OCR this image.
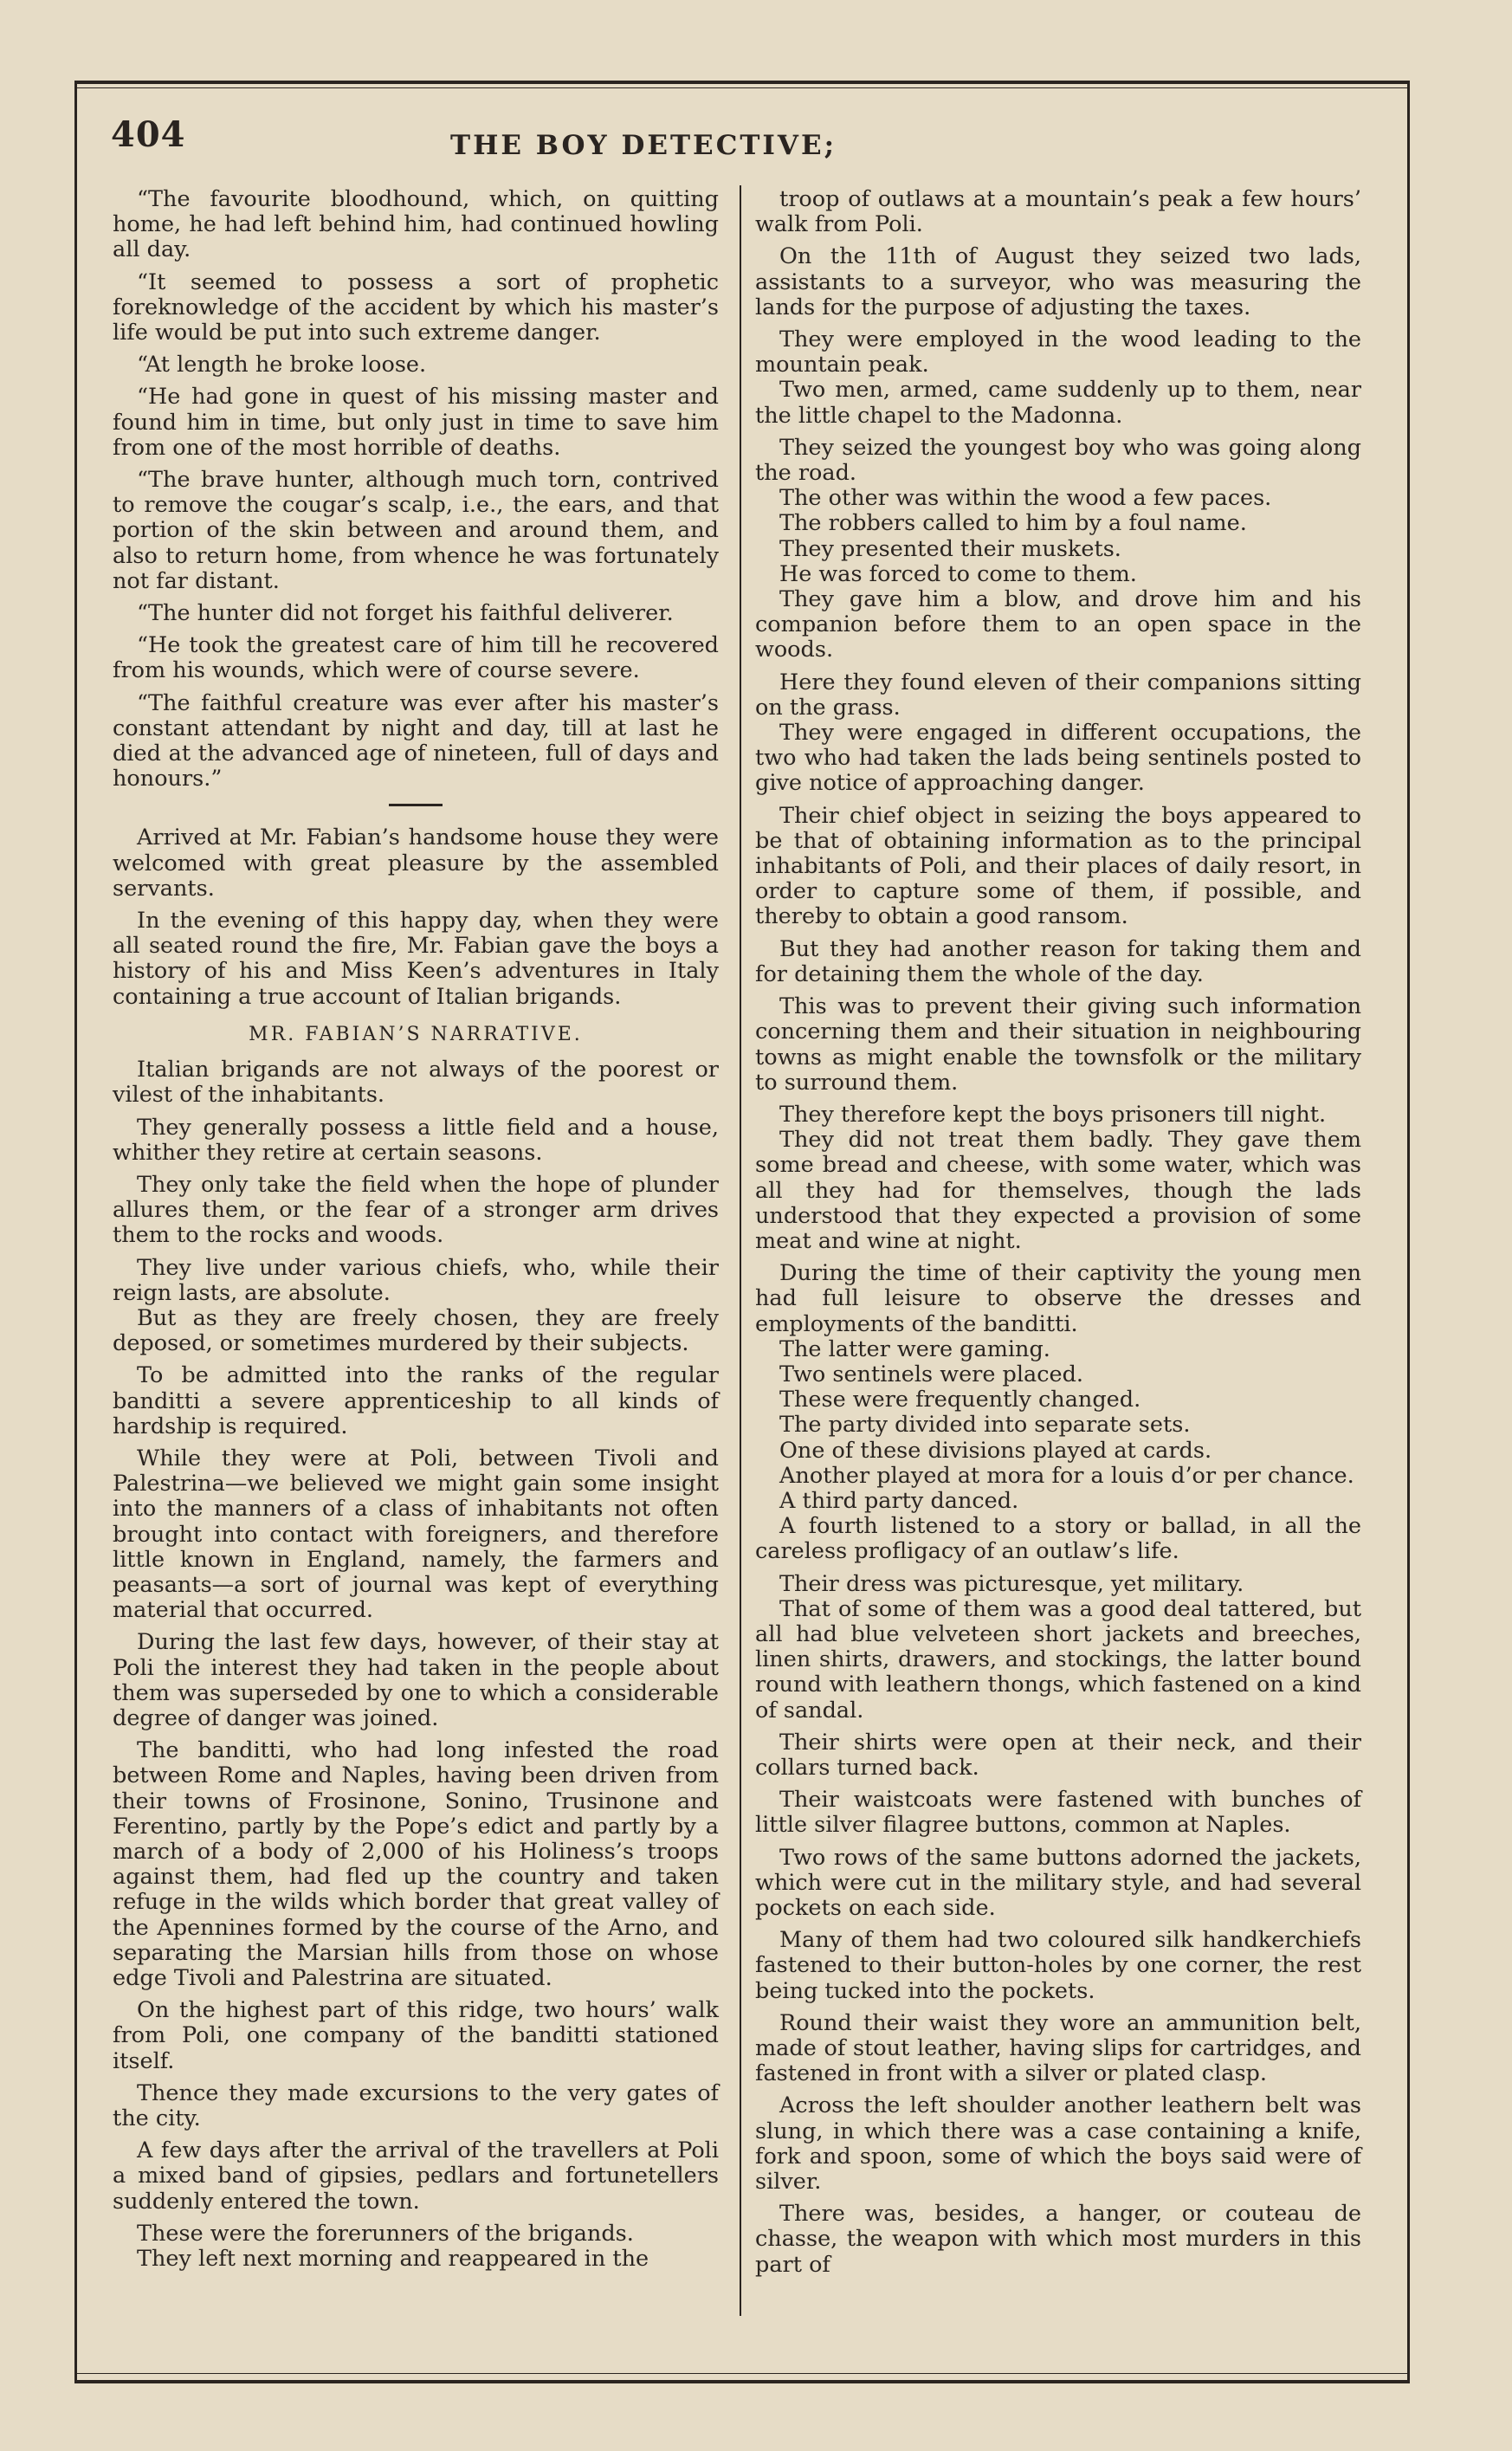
404	THE BOY DETECTIVE;

“The favourite bloodhound, which, on quitting home, he had left behind him, had continued howling all day.

“It seemed to possess a sort of prophetic foreknowledge of the accident by which his master’s life would be put into such extreme danger.

“At length he broke loose.

“He had gone in quest of his missing master and found him in time, but only just in time to save him from one of the most horrible of deaths.

“The brave hunter, although much torn, contrived to remove the cougar’s scalp, i.e., the ears, and that portion of the skin between and around them, and also to return home, from whence he was fortunately not far distant.

“The hunter did not forget his faithful deliverer.

“He took the greatest care of him till he recovered from his wounds, which were of course severe.

“The faithful creature was ever after his master’s constant attendant by night and day, till at last he died at the advanced age of nineteen, full of days and honours.”

Arrived at Mr. Fabian’s handsome house they were welcomed with great pleasure by the assembled servants.

In the evening of this happy day, when they were all seated round the fire, Mr. Fabian gave the boys a history of his and Miss Keen’s adventures in Italy containing a true account of Italian brigands.

MR. FABIAN’S NARRATIVE.

Italian brigands are not always of the poorest or vilest of the inhabitants.

They generally possess a little field and a house, whither they retire at certain seasons.

They only take the field when the hope of plunder allures them, or the fear of a stronger arm drives them to the rocks and woods.

They live under various chiefs, who, while their reign lasts, are absolute.

But as they are freely chosen, they are freely deposed, or sometimes murdered by their subjects.

To be admitted into the ranks of the regular banditti a severe apprenticeship to all kinds of hardship is required.

While they were at Poli, between Tivoli and Palestrina—we believed we might gain some insight into the manners of a class of inhabitants not often brought into contact with foreigners, and therefore little known in England, namely, the farmers and peasants—a sort of journal was kept of everything material that occurred.

During the last few days, however, of their stay at Poli the interest they had taken in the people about them was superseded by one to which a considerable degree of danger was joined.

The banditti, who had long infested the road between Rome and Naples, having been driven from their towns of Frosinone, Sonino, Trusinone and Ferentino, partly by the Pope’s edict and partly by a march of a body of 2,000 of his Holiness’s troops against them, had fled up the country and taken refuge in the wilds which border that great valley of the Apennines formed by the course of the Arno, and separating the Marsian hills from those on whose edge Tivoli and Palestrina are situated.

On the highest part of this ridge, two hours’ walk from Poli, one company of the banditti stationed itself.

Thence they made excursions to the very gates of the city.

A few days after the arrival of the travellers at Poli a mixed band of gipsies, pedlars and fortunetellers suddenly entered the town.

These were the forerunners of the brigands.

They left next morning and reappeared in the

troop of outlaws at a mountain’s peak a few hours’ walk from Poli.

On the 11th of August they seized two lads, assistants to a surveyor, who was measuring the lands for the purpose of adjusting the taxes.

They were employed in the wood leading to the mountain peak.

Two men, armed, came suddenly up to them, near the little chapel to the Madonna.

They seized the youngest boy who was going along the road.

The other was within the wood a few paces.

The robbers called to him by a foul name.

They presented their muskets.

He was forced to come to them.

They gave him a blow, and drove him and his companion before them to an open space in the woods.

Here they found eleven of their companions sitting on the grass.

They were engaged in different occupations, the two who had taken the lads being sentinels posted to give notice of approaching danger.

Their chief object in seizing the boys appeared to be that of obtaining information as to the principal inhabitants of Poli, and their places of daily resort, in order to capture some of them, if possible, and thereby to obtain a good ransom.

But they had another reason for taking them and for detaining them the whole of the day.

This was to prevent their giving such information concerning them and their situation in neighbouring towns as might enable the townsfolk or the military to surround them.

They therefore kept the boys prisoners till night.

They did not treat them badly. They gave them some bread and cheese, with some water, which was all they had for themselves, though the lads understood that they expected a provision of some meat and wine at night.

During the time of their captivity the young men had full leisure to observe the dresses and employments of the banditti.

The latter were gaming.

Two sentinels were placed.

These were frequently changed.

The party divided into separate sets.

One of these divisions played at cards.

Another played at mora for a louis d’or per chance.

A third party danced.

A fourth listened to a story or ballad, in all the careless profligacy of an outlaw’s life.

Their dress was picturesque, yet military.

That of some of them was a good deal tattered, but all had blue velveteen short jackets and breeches, linen shirts, drawers, and stockings, the latter bound round with leathern thongs, which fastened on a kind of sandal.

Their shirts were open at their neck, and their collars turned back.

Their waistcoats were fastened with bunches of little silver filagree buttons, common at Naples.

Two rows of the same buttons adorned the jackets, which were cut in the military style, and had several pockets on each side.

Many of them had two coloured silk handkerchiefs fastened to their button-holes by one corner, the rest being tucked into the pockets.

Round their waist they wore an ammunition belt, made of stout leather, having slips for cartridges, and fastened in front with a silver or plated clasp.

Across the left shoulder another leathern belt was slung, in which there was a case containing a knife, fork and spoon, some of which the boys said were of silver.

There was, besides, a hanger, or couteau de chasse, the weapon with which most murders in this part of
